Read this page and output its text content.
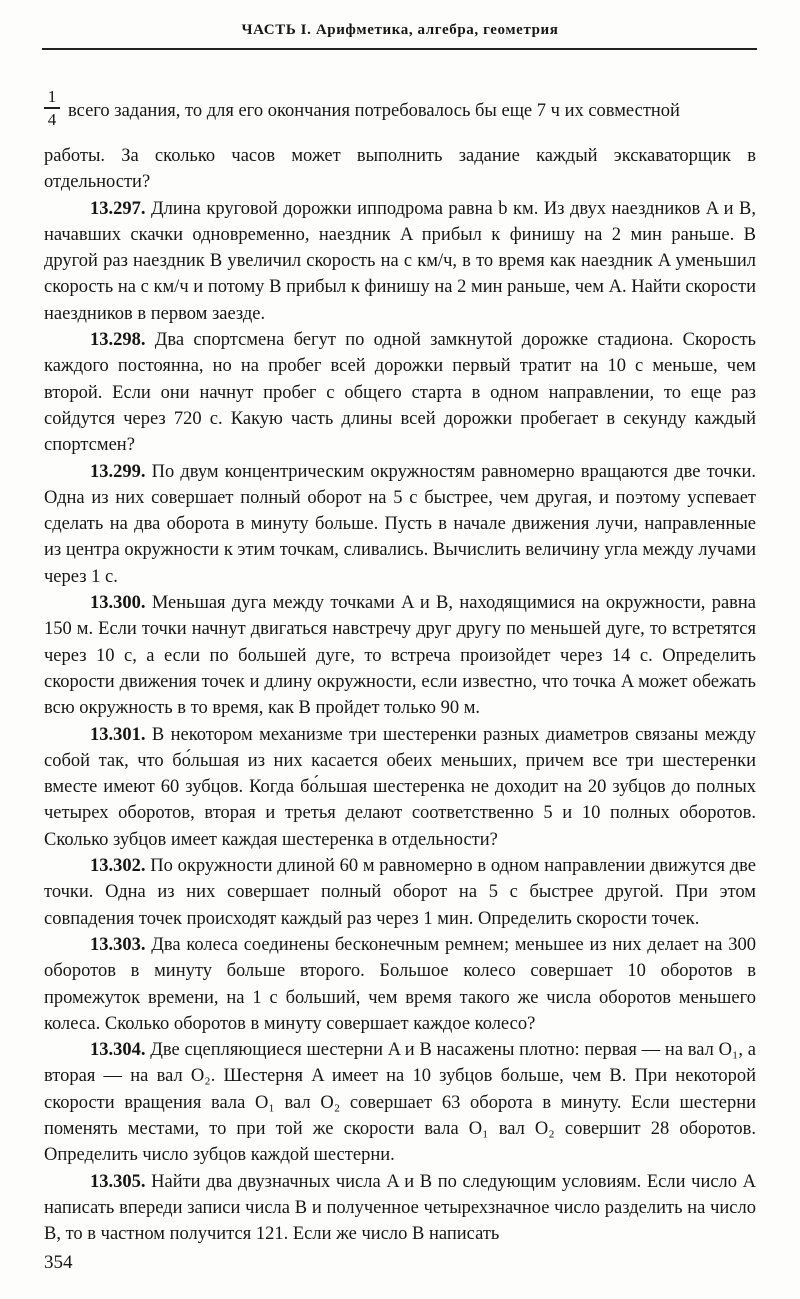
ЧАСТЬ I. Арифметика, алгебра, геометрия
1
4 всего задания, то для его окончания потребовалось бы еще 7 ч их совместной

работы. За сколько часов может выполнить задание каждый экскаваторщик в отдельности?

13.297. Длина круговой дорожки ипподрома равна b км. Из двух наездников A и B, начавших скачки одновременно, наездник A прибыл к финишу на 2 мин раньше. В другой раз наездник B увеличил скорость на c км/ч, в то время как наездник A уменьшил скорость на c км/ч и потому B прибыл к финишу на 2 мин раньше, чем A. Найти скорости наездников в первом заезде.

13.298. Два спортсмена бегут по одной замкнутой дорожке стадиона. Скорость каждого постоянна, но на пробег всей дорожки первый тратит на 10 с меньше, чем второй. Если они начнут пробег с общего старта в одном направлении, то еще раз сойдутся через 720 с. Какую часть длины всей дорожки пробегает в секунду каждый спортсмен?

13.299. По двум концентрическим окружностям равномерно вращаются две точки. Одна из них совершает полный оборот на 5 с быстрее, чем другая, и поэтому успевает сделать на два оборота в минуту больше. Пусть в начале движения лучи, направленные из центра окружности к этим точкам, сливались. Вычислить величину угла между лучами через 1 с.

13.300. Меньшая дуга между точками A и B, находящимися на окружности, равна 150 м. Если точки начнут двигаться навстречу друг другу по меньшей дуге, то встретятся через 10 с, а если по большей дуге, то встреча произойдет через 14 с. Определить скорости движения точек и длину окружности, если известно, что точка A может обежать всю окружность в то время, как B пройдет только 90 м.

13.301. В некотором механизме три шестеренки разных диаметров связаны между собой так, что бо́льшая из них касается обеих меньших, причем все три шестеренки вместе имеют 60 зубцов. Когда бо́льшая шестеренка не доходит на 20 зубцов до полных четырех оборотов, вторая и третья делают соответственно 5 и 10 полных оборотов. Сколько зубцов имеет каждая шестеренка в отдельности?

13.302. По окружности длиной 60 м равномерно в одном направлении движутся две точки. Одна из них совершает полный оборот на 5 с быстрее другой. При этом совпадения точек происходят каждый раз через 1 мин. Определить скорости точек.

13.303. Два колеса соединены бесконечным ремнем; меньшее из них делает на 300 оборотов в минуту больше второго. Большое колесо совершает 10 оборотов в промежуток времени, на 1 с больший, чем время такого же числа оборотов меньшего колеса. Сколько оборотов в минуту совершает каждое колесо?

13.304. Две сцепляющиеся шестерни A и B насажены плотно: первая — на вал O₁, а вторая — на вал O₂. Шестерня A имеет на 10 зубцов больше, чем B. При некоторой скорости вращения вала O₁ вал O₂ совершает 63 оборота в минуту. Если шестерни поменять местами, то при той же скорости вала O₁ вал O₂ совершит 28 оборотов. Определить число зубцов каждой шестерни.

13.305. Найти два двузначных числа A и B по следующим условиям. Если число A написать впереди записи числа B и полученное четырехзначное число разделить на число B, то в частном получится 121. Если же число B написать

354
